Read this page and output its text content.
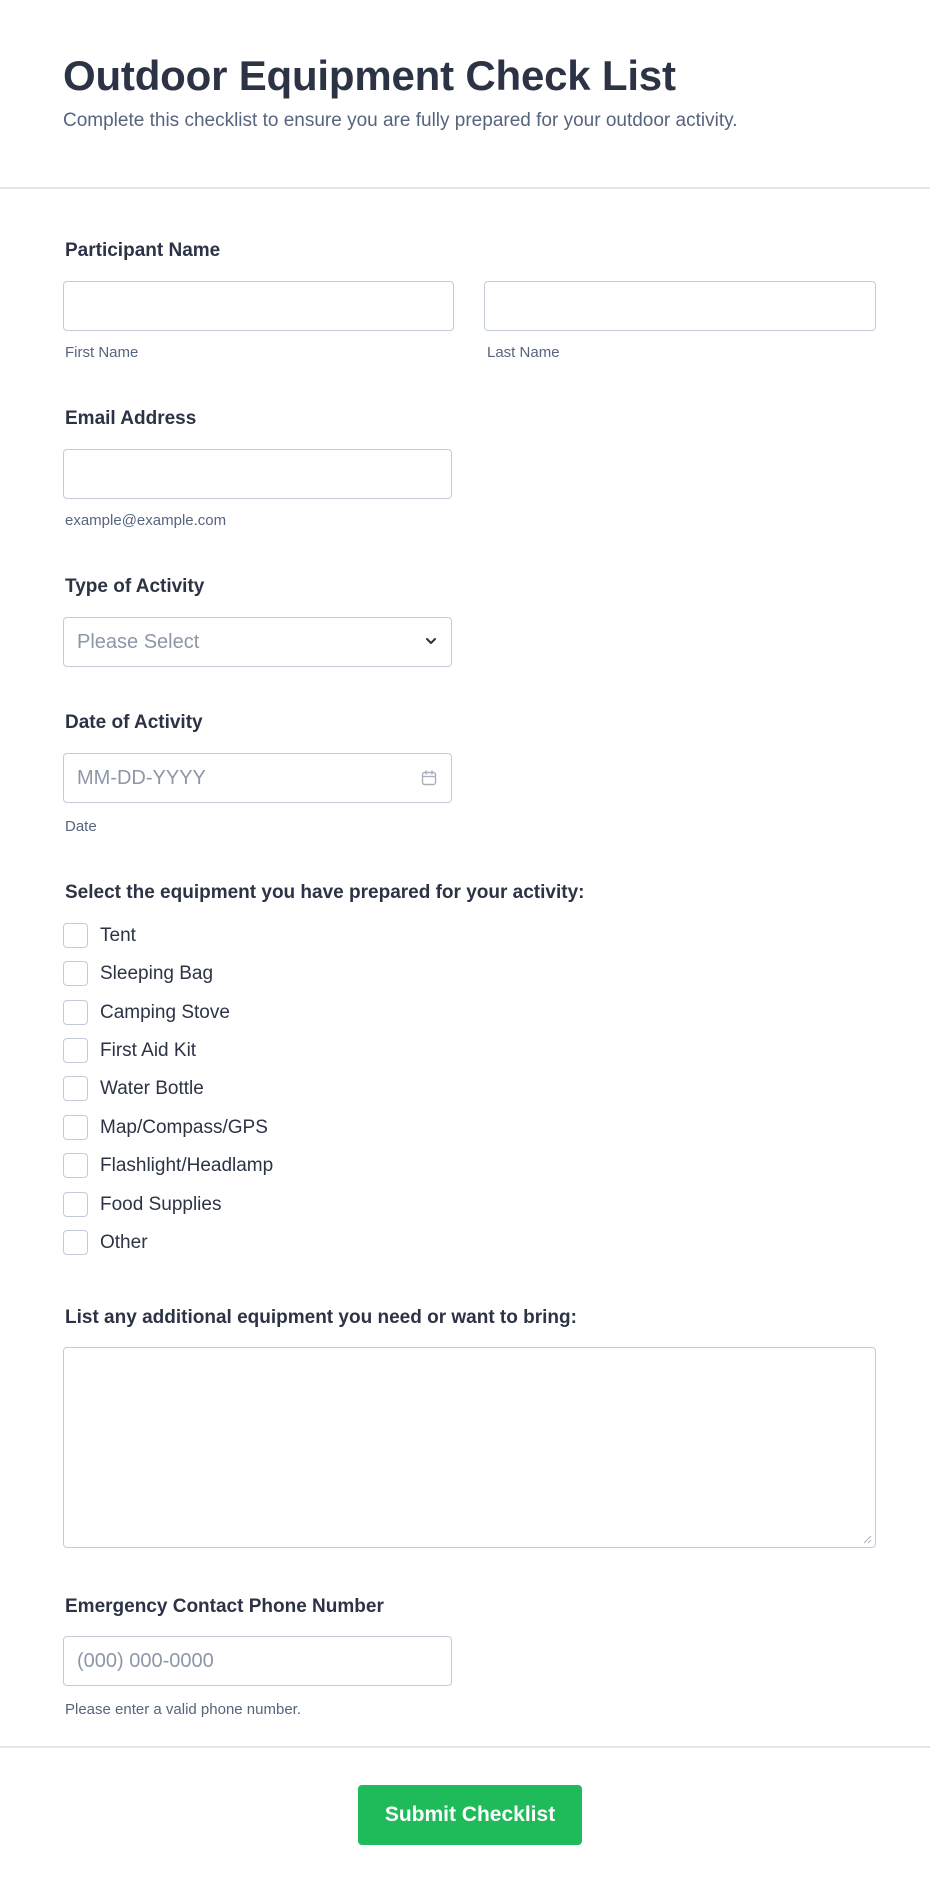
Outdoor Equipment Check List

Complete this checklist to ensure you are fully prepared for your outdoor activity.

Participant Name
First Name	Last Name
Email Address
example@example.com
Type of Activity
Please Select
Date of Activity
MM-DD-YYYY
Date
Select the equipment you have prepared for your activity:
Tent
Sleeping Bag
Camping Stove
First Aid Kit
Water Bottle
Map/Compass/GPS
Flashlight/Headlamp
Food Supplies
Other
List any additional equipment you need or want to bring:
Emergency Contact Phone Number
(000) 000-0000
Please enter a valid phone number.
Submit Checklist
